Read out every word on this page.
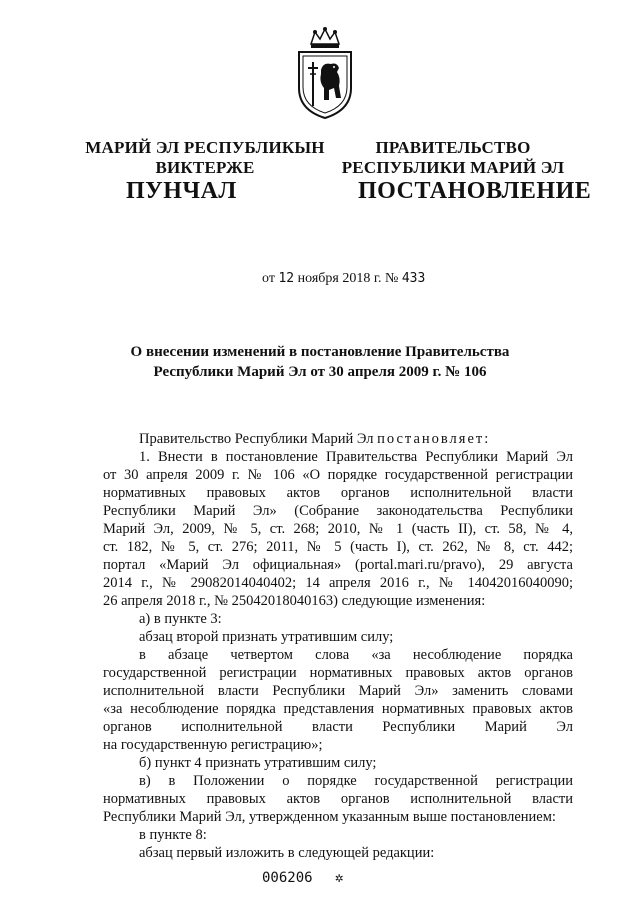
МАРИЙ ЭЛ РЕСПУБЛИКЫН
ВИКТЕРЖЕ
ПРАВИТЕЛЬСТВО
РЕСПУБЛИКИ МАРИЙ ЭЛ
ПУНЧАЛ	ПОСТАНОВЛЕНИЕ
от 12 ноября 2018 г. № 433
О внесении изменений в постановление Правительства
Республики Марий Эл от 30 апреля 2009 г. № 106

Правительство Республики Марий Эл постановляет:

1. Внести в постановление Правительства Республики Марий Эл

от 30 апреля 2009 г. № 106 «О порядке государственной регистрации

нормативных правовых актов органов исполнительной власти

Республики Марий Эл» (Собрание законодательства Республики

Марий Эл, 2009, № 5, ст. 268; 2010, № 1 (часть II), ст. 58, № 4,

ст. 182, № 5, ст. 276; 2011, № 5 (часть I), ст. 262, № 8, ст. 442;

портал «Марий Эл официальная» (portal.mari.ru/pravo), 29 августа

2014 г., № 29082014040402; 14 апреля 2016 г., № 14042016040090;

26 апреля 2018 г., № 25042018040163) следующие изменения:

а) в пункте 3:

абзац второй признать утратившим силу;

в абзаце четвертом слова «за несоблюдение порядка

государственной регистрации нормативных правовых актов органов

исполнительной власти Республики Марий Эл» заменить словами

«за несоблюдение порядка представления нормативных правовых актов

органов исполнительной власти Республики Марий Эл

на государственную регистрацию»;

б) пункт 4 признать утратившим силу;

в) в Положении о порядке государственной регистрации

нормативных правовых актов органов исполнительной власти

Республики Марий Эл, утвержденном указанным выше постановлением:

в пункте 8:

абзац первый изложить в следующей редакции:

006206 ✲
